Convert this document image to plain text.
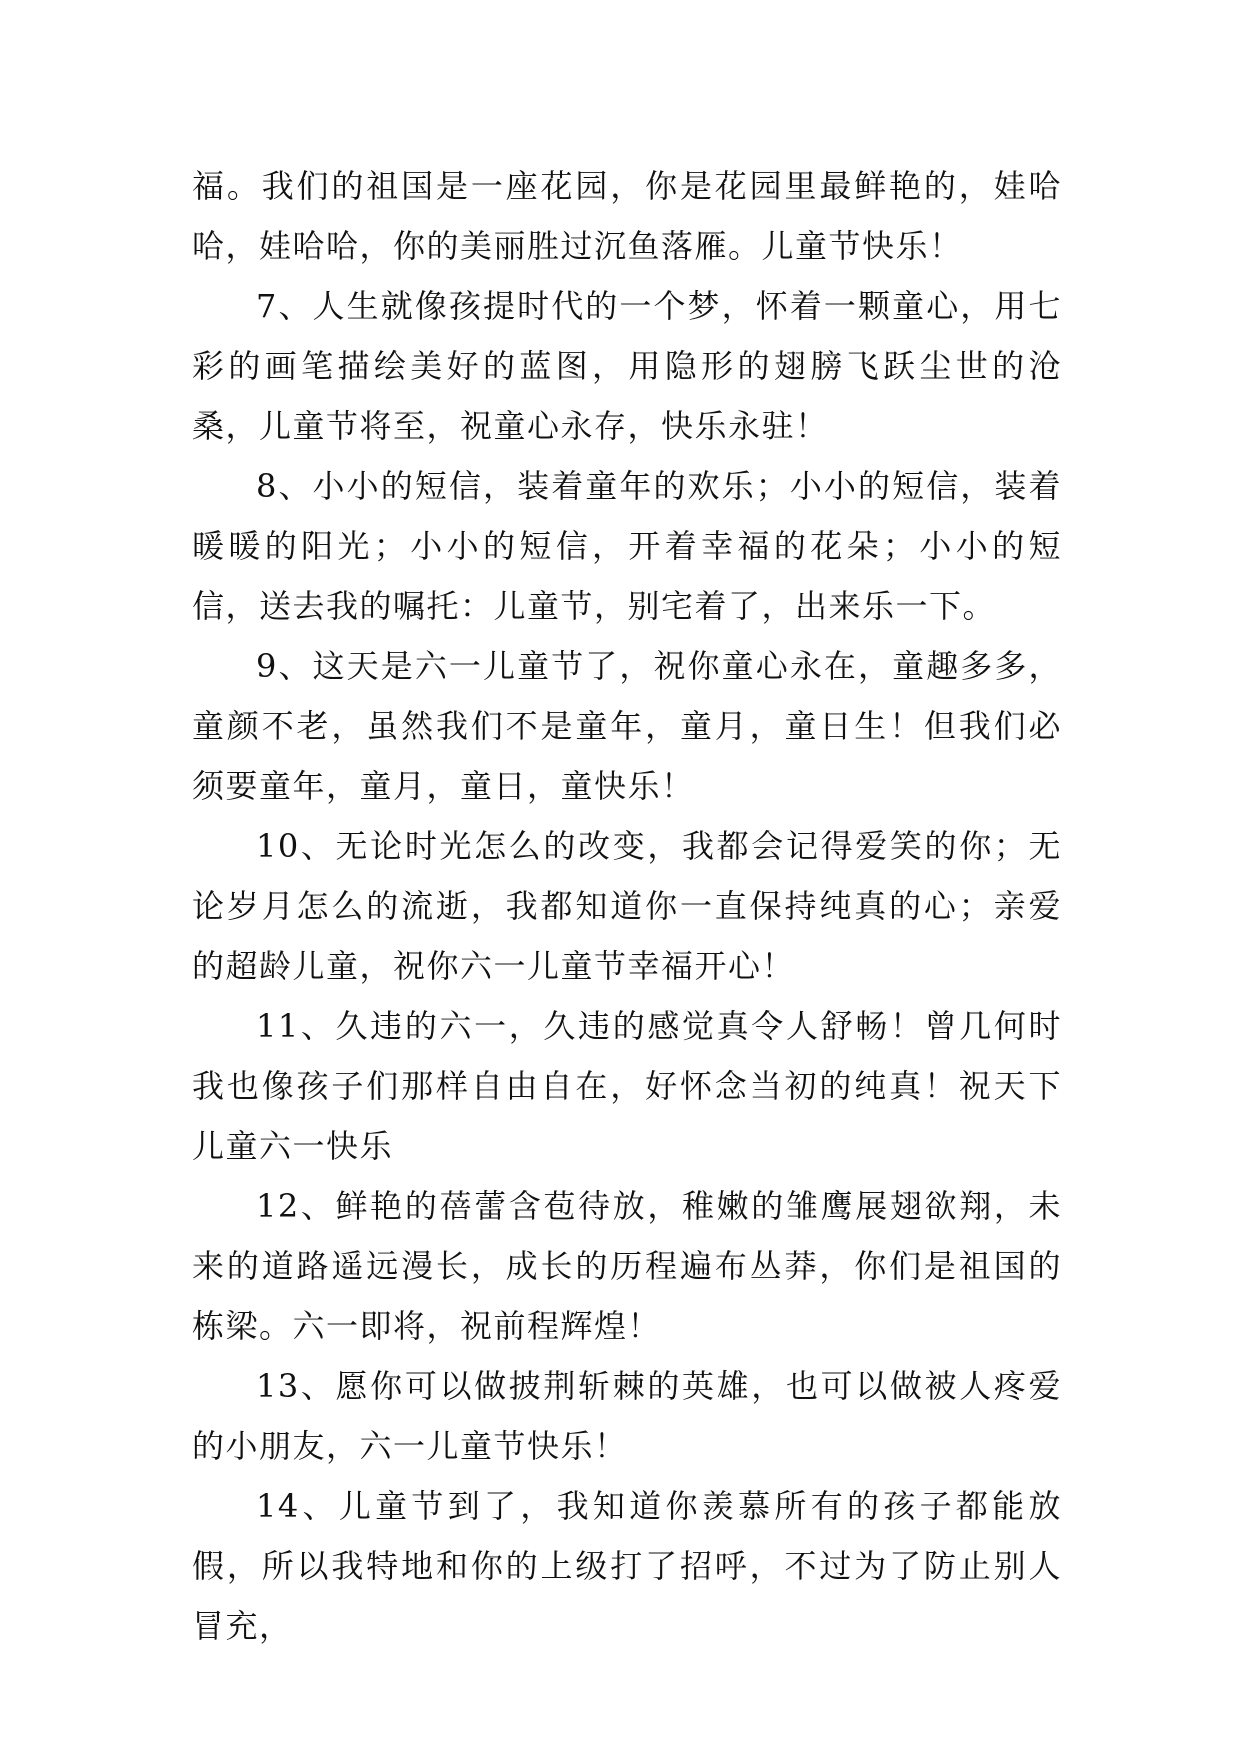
福。我们的祖国是一座花园，你是花园里最鲜艳的，娃哈哈，娃哈哈，你的美丽胜过沉鱼落雁。儿童节快乐！

7、人生就像孩提时代的一个梦，怀着一颗童心，用七彩的画笔描绘美好的蓝图，用隐形的翅膀飞跃尘世的沧桑，儿童节将至，祝童心永存，快乐永驻！

8、小小的短信，装着童年的欢乐；小小的短信，装着暖暖的阳光；小小的短信，开着幸福的花朵；小小的短信，送去我的嘱托：儿童节，别宅着了，出来乐一下。

9、这天是六一儿童节了，祝你童心永在，童趣多多，童颜不老，虽然我们不是童年，童月，童日生！但我们必须要童年，童月，童日，童快乐！

10、无论时光怎么的改变，我都会记得爱笑的你；无论岁月怎么的流逝，我都知道你一直保持纯真的心；亲爱的超龄儿童，祝你六一儿童节幸福开心！

11、久违的六一，久违的感觉真令人舒畅！曾几何时我也像孩子们那样自由自在，好怀念当初的纯真！祝天下儿童六一快乐

12、鲜艳的蓓蕾含苞待放，稚嫩的雏鹰展翅欲翔，未来的道路遥远漫长，成长的历程遍布丛莽，你们是祖国的栋梁。六一即将，祝前程辉煌！

13、愿你可以做披荆斩棘的英雄，也可以做被人疼爱的小朋友，六一儿童节快乐！

14、儿童节到了，我知道你羡慕所有的孩子都能放假，所以我特地和你的上级打了招呼，不过为了防止别人冒充，
